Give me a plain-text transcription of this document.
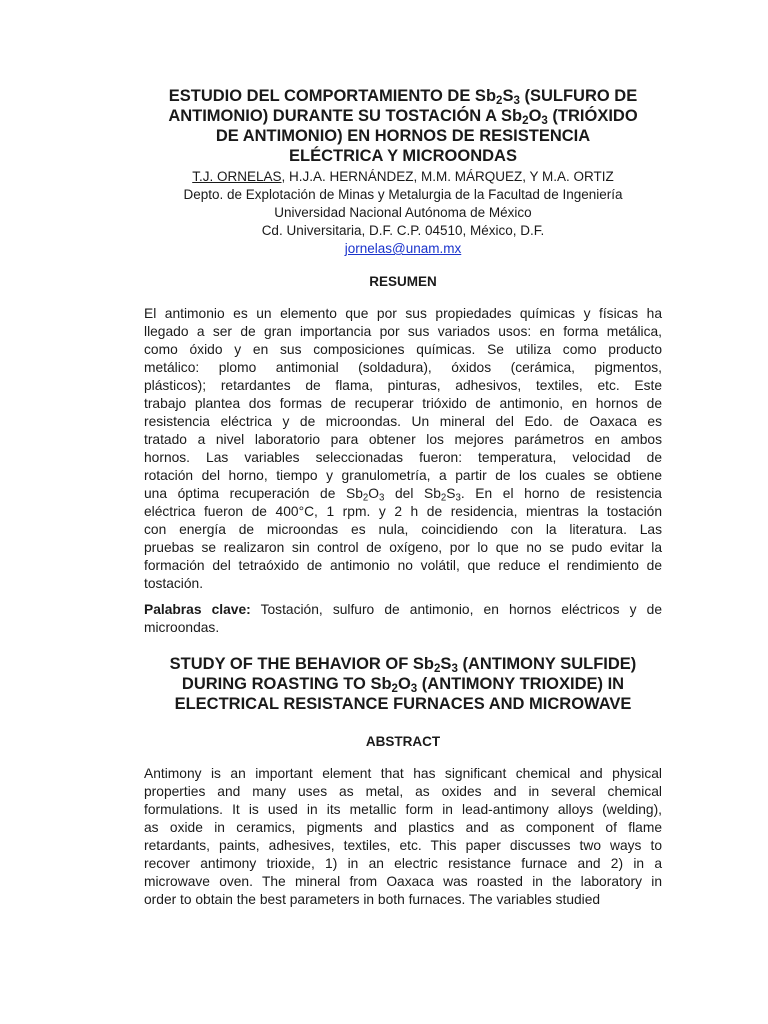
ESTUDIO DEL COMPORTAMIENTO DE $Sb_2S_3$ (SULFURO DE
ANTIMONIO) DURANTE SU TOSTACIÓN A $Sb_2O_3$ (TRIÓXIDO
DE ANTIMONIO) EN HORNOS DE RESISTENCIA
ELÉCTRICA Y MICROONDAS
T.J. ORNELAS, H.J.A. HERNÁNDEZ, M.M. MÁRQUEZ, Y M.A. ORTIZ
Depto. de Explotación de Minas y Metalurgia de la Facultad de Ingeniería
Universidad Nacional Autónoma de México
Cd. Universitaria, D.F. C.P. 04510, México, D.F.
jornelas@unam.mx
RESUMEN
El antimonio es un elemento que por sus propiedades químicas y físicas ha
llegado a ser de gran importancia por sus variados usos: en forma metálica,
como óxido y en sus composiciones químicas. Se utiliza como producto
metálico: plomo antimonial (soldadura), óxidos (cerámica, pigmentos,
plásticos); retardantes de flama, pinturas, adhesivos, textiles, etc. Este
trabajo plantea dos formas de recuperar trióxido de antimonio, en hornos de
resistencia eléctrica y de microondas. Un mineral del Edo. de Oaxaca es
tratado a nivel laboratorio para obtener los mejores parámetros en ambos
hornos. Las variables seleccionadas fueron: temperatura, velocidad de
rotación del horno, tiempo y granulometría, a partir de los cuales se obtiene
una óptima recuperación de $Sb_2O_3$ del $Sb_2S_3$. En el horno de resistencia
eléctrica fueron de 400°C, 1 rpm. y 2 h de residencia, mientras la tostación
con energía de microondas es nula, coincidiendo con la literatura. Las
pruebas se realizaron sin control de oxígeno, por lo que no se pudo evitar la
formación del tetraóxido de antimonio no volátil, que reduce el rendimiento de
tostación.
Palabras clave: Tostación, sulfuro de antimonio, en hornos eléctricos y de
microondas.
STUDY OF THE BEHAVIOR OF $Sb_2S_3$ (ANTIMONY SULFIDE)
DURING ROASTING TO $Sb_2O_3$ (ANTIMONY TRIOXIDE) IN
ELECTRICAL RESISTANCE FURNACES AND MICROWAVE
ABSTRACT
Antimony is an important element that has significant chemical and physical
properties and many uses as metal, as oxides and in several chemical
formulations. It is used in its metallic form in lead-antimony alloys (welding),
as oxide in ceramics, pigments and plastics and as component of flame
retardants, paints, adhesives, textiles, etc. This paper discusses two ways to
recover antimony trioxide, 1) in an electric resistance furnace and 2) in a
microwave oven. The mineral from Oaxaca was roasted in the laboratory in
order to obtain the best parameters in both furnaces. The variables studied
